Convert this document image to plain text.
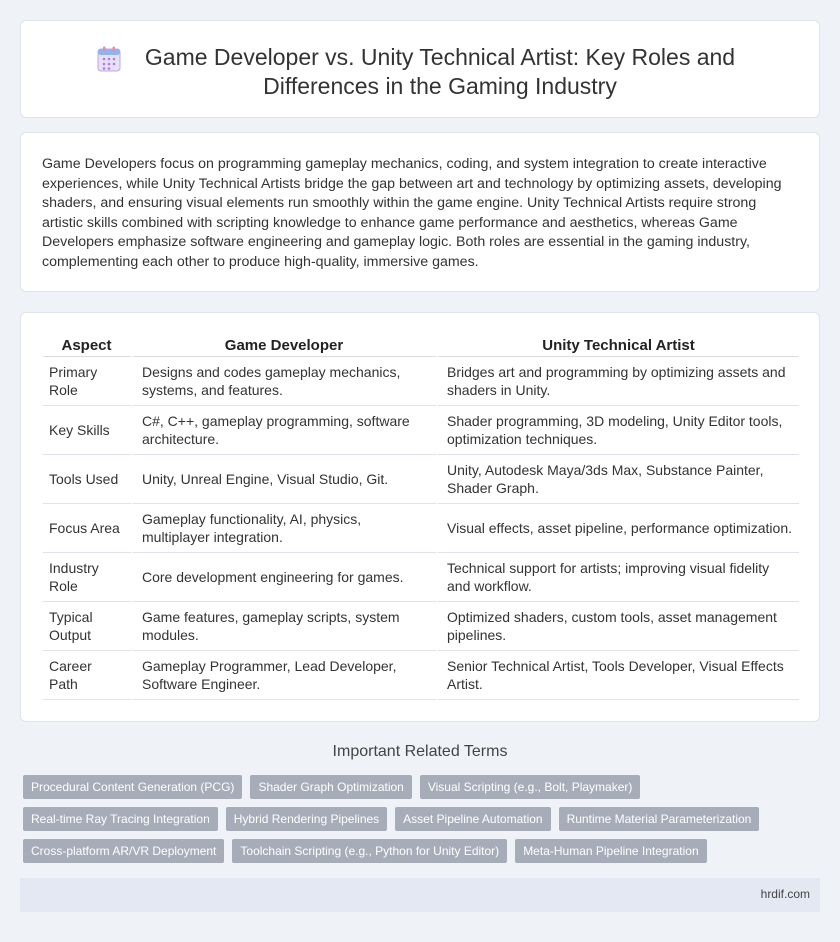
Game Developer vs. Unity Technical Artist: Key Roles and Differences in the Gaming Industry

Game Developers focus on programming gameplay mechanics, coding, and system integration to create interactive experiences, while Unity Technical Artists bridge the gap between art and technology by optimizing assets, developing shaders, and ensuring visual elements run smoothly within the game engine. Unity Technical Artists require strong artistic skills combined with scripting knowledge to enhance game performance and aesthetics, whereas Game Developers emphasize software engineering and gameplay logic. Both roles are essential in the gaming industry, complementing each other to produce high-quality, immersive games.

Aspect	Game Developer	Unity Technical Artist
Primary Role	Designs and codes gameplay mechanics, systems, and features.	Bridges art and programming by optimizing assets and shaders in Unity.
Key Skills	C#, C++, gameplay programming, software architecture.	Shader programming, 3D modeling, Unity Editor tools, optimization techniques.
Tools Used	Unity, Unreal Engine, Visual Studio, Git.	Unity, Autodesk Maya/3ds Max, Substance Painter, Shader Graph.
Focus Area	Gameplay functionality, AI, physics, multiplayer integration.	Visual effects, asset pipeline, performance optimization.
Industry Role	Core development engineering for games.	Technical support for artists; improving visual fidelity and workflow.
Typical Output	Game features, gameplay scripts, system modules.	Optimized shaders, custom tools, asset management pipelines.
Career Path	Gameplay Programmer, Lead Developer, Software Engineer.	Senior Technical Artist, Tools Developer, Visual Effects Artist.
Important Related Terms
Procedural Content Generation (PCG)	Shader Graph Optimization	Visual Scripting (e.g., Bolt, Playmaker)
Real-time Ray Tracing Integration	Hybrid Rendering Pipelines	Asset Pipeline Automation	Runtime Material Parameterization
Cross-platform AR/VR Deployment	Toolchain Scripting (e.g., Python for Unity Editor)	Meta-Human Pipeline Integration
hrdif.com
